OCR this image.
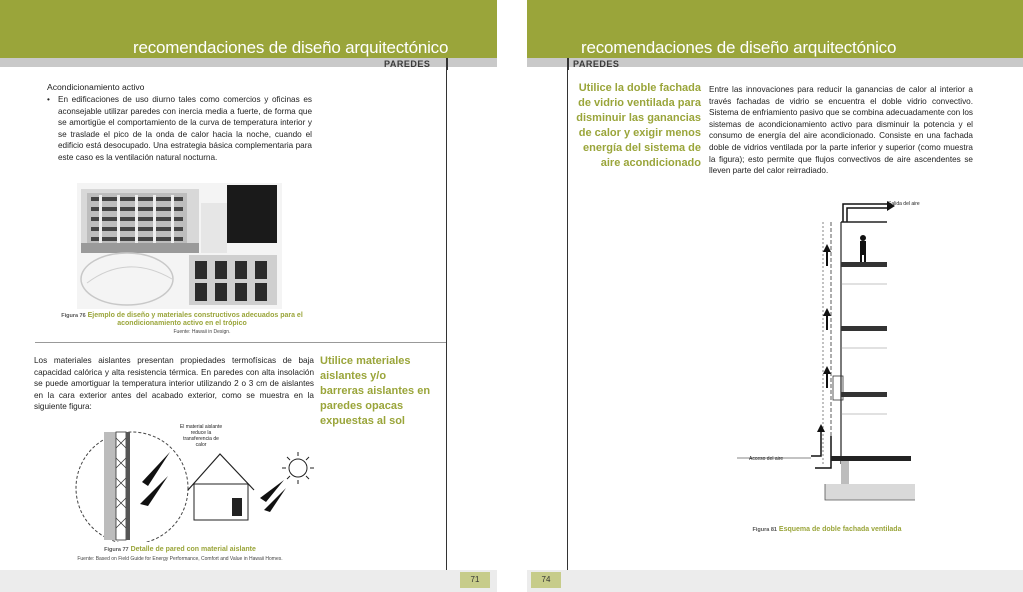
recomendaciones de diseño arquitectónico
PAREDES
Acondicionamiento activo
• En edificaciones de uso diurno tales como comercios y oficinas es aconsejable utilizar paredes con inercia media a fuerte, de forma que se amortigüe el comportamiento de la curva de temperatura interior y se traslade el pico de la onda de calor hacia la noche, cuando el edificio está desocupado. Una estrategia básica complementaria para este caso es la ventilación natural nocturna.
Figura 76 Ejemplo de diseño y materiales constructivos adecuados para el acondicionamiento activo en el trópico
Fuente: Hawaii in Design.
Los materiales aislantes presentan propiedades termofísicas de baja capacidad calórica y alta resistencia térmica. En paredes con alta insolación se puede amortiguar la temperatura interior utilizando 2 o 3 cm de aislantes en la cara exterior antes del acabado exterior, como se muestra en la siguiente figura:
Utilice materiales aislantes y/o barreras aislantes en paredes opacas expuestas al sol
El material aislante reduce la transferencia de calor
Figura 77 Detalle de pared con material aislante
Fuente: Based on Field Guide for Energy Performance, Comfort and Value in Hawaii Homes.
71
recomendaciones de diseño arquitectónico
PAREDES
Utilice la doble fachada de vidrio ventilada para disminuir las ganancias de calor y exigir menos energía del sistema de aire acondicionado
Entre las innovaciones para reducir la ganancias de calor al interior a través fachadas de vidrio se encuentra el doble vidrio convectivo. Sistema de enfriamiento pasivo que se combina adecuadamente con los sistemas de acondicionamiento activo para disminuir la potencia y el consumo de energía del aire acondicionado. Consiste en una fachada doble de vidrios ventilada por la parte inferior y superior (como muestra la figura); esto permite que flujos convectivos de aire ascendentes se lleven parte del calor reirradiado.
Salida del aire
Acceso del aire
Figura 81 Esquema de doble fachada ventilada
74
